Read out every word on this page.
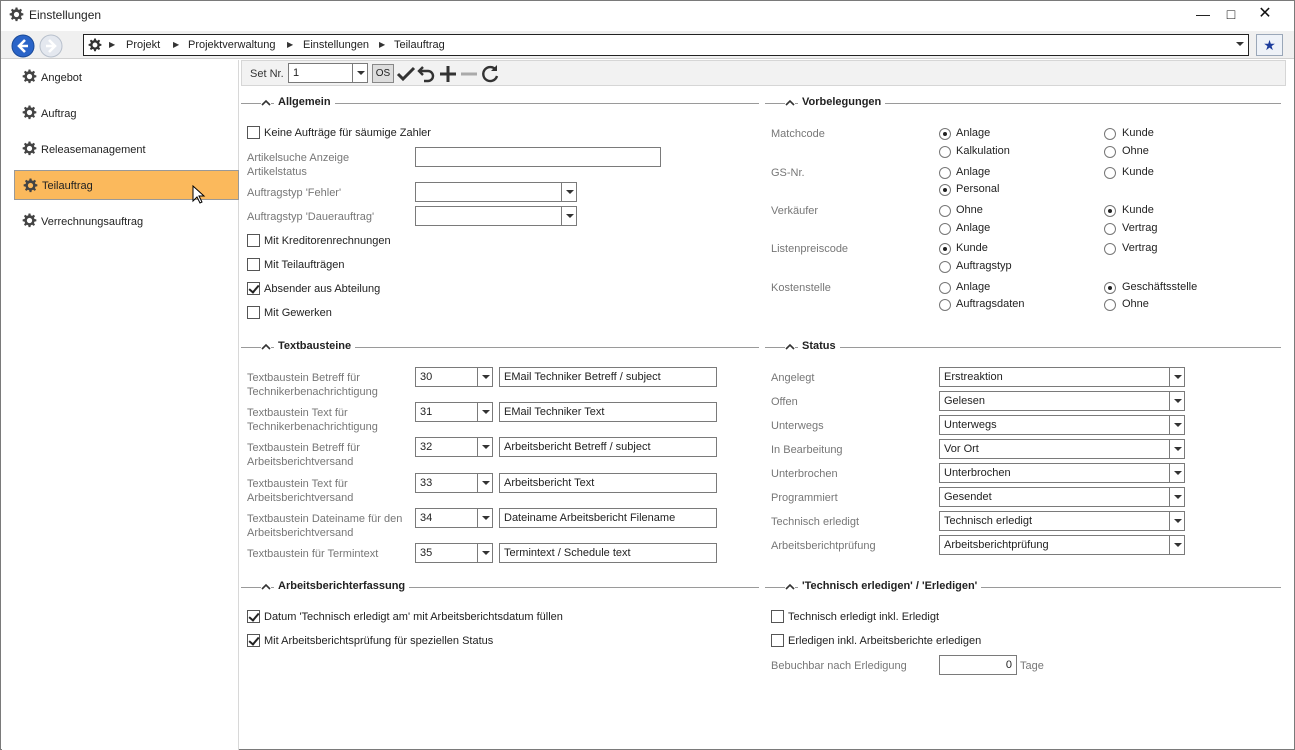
Einstellungen	—	□	✕
▶ Projekt ▶ Projektverwaltung ▶ Einstellungen ▶ Teilauftrag	★
Angebot
Auftrag
Releasemanagement
Teilauftrag
Verrechnungsauftrag
Set Nr. 1	OS
Allgemein
Keine Aufträge für säumige Zahler
Artikelsuche Anzeige
Artikelstatus
Auftragstyp 'Fehler'
Auftragstyp 'Dauerauftrag'
Mit Kreditorenrechnungen
Mit Teilaufträgen
Absender aus Abteilung
Mit Gewerken
Vorbelegungen
Matchcode	Anlage	Kunde
Kalkulation	Ohne
GS-Nr.	Anlage	Kunde
Personal
Verkäufer	Ohne	Kunde
Anlage	Vertrag
Listenpreiscode	Kunde	Vertrag
Auftragstyp
Kostenstelle	Anlage	Geschäftsstelle
Auftragsdaten	Ohne
Textbausteine
Textbaustein Betreff für
Technikerbenachrichtigung
30	EMail Techniker Betreff / subject
Textbaustein Text für
Technikerbenachrichtigung
31	EMail Techniker Text
Textbaustein Betreff für
Arbeitsberichtversand
32	Arbeitsbericht Betreff / subject
Textbaustein Text für
Arbeitsberichtversand
33	Arbeitsbericht Text
Textbaustein Dateiname für den
Arbeitsberichtversand
34	Dateiname Arbeitsbericht Filename
Textbaustein für Termintext	35	Termintext / Schedule text
Status
Angelegt	Erstreaktion
Offen	Gelesen
Unterwegs	Unterwegs
In Bearbeitung	Vor Ort
Unterbrochen	Unterbrochen
Programmiert	Gesendet
Technisch erledigt	Technisch erledigt
Arbeitsberichtprüfung	Arbeitsberichtprüfung
Arbeitsberichterfassung
Datum 'Technisch erledigt am' mit Arbeitsberichtsdatum füllen
Mit Arbeitsberichtsprüfung für speziellen Status
'Technisch erledigen' / 'Erledigen'
Technisch erledigt inkl. Erledigt
Erledigen inkl. Arbeitsberichte erledigen
Bebuchbar nach Erledigung	0 Tage
